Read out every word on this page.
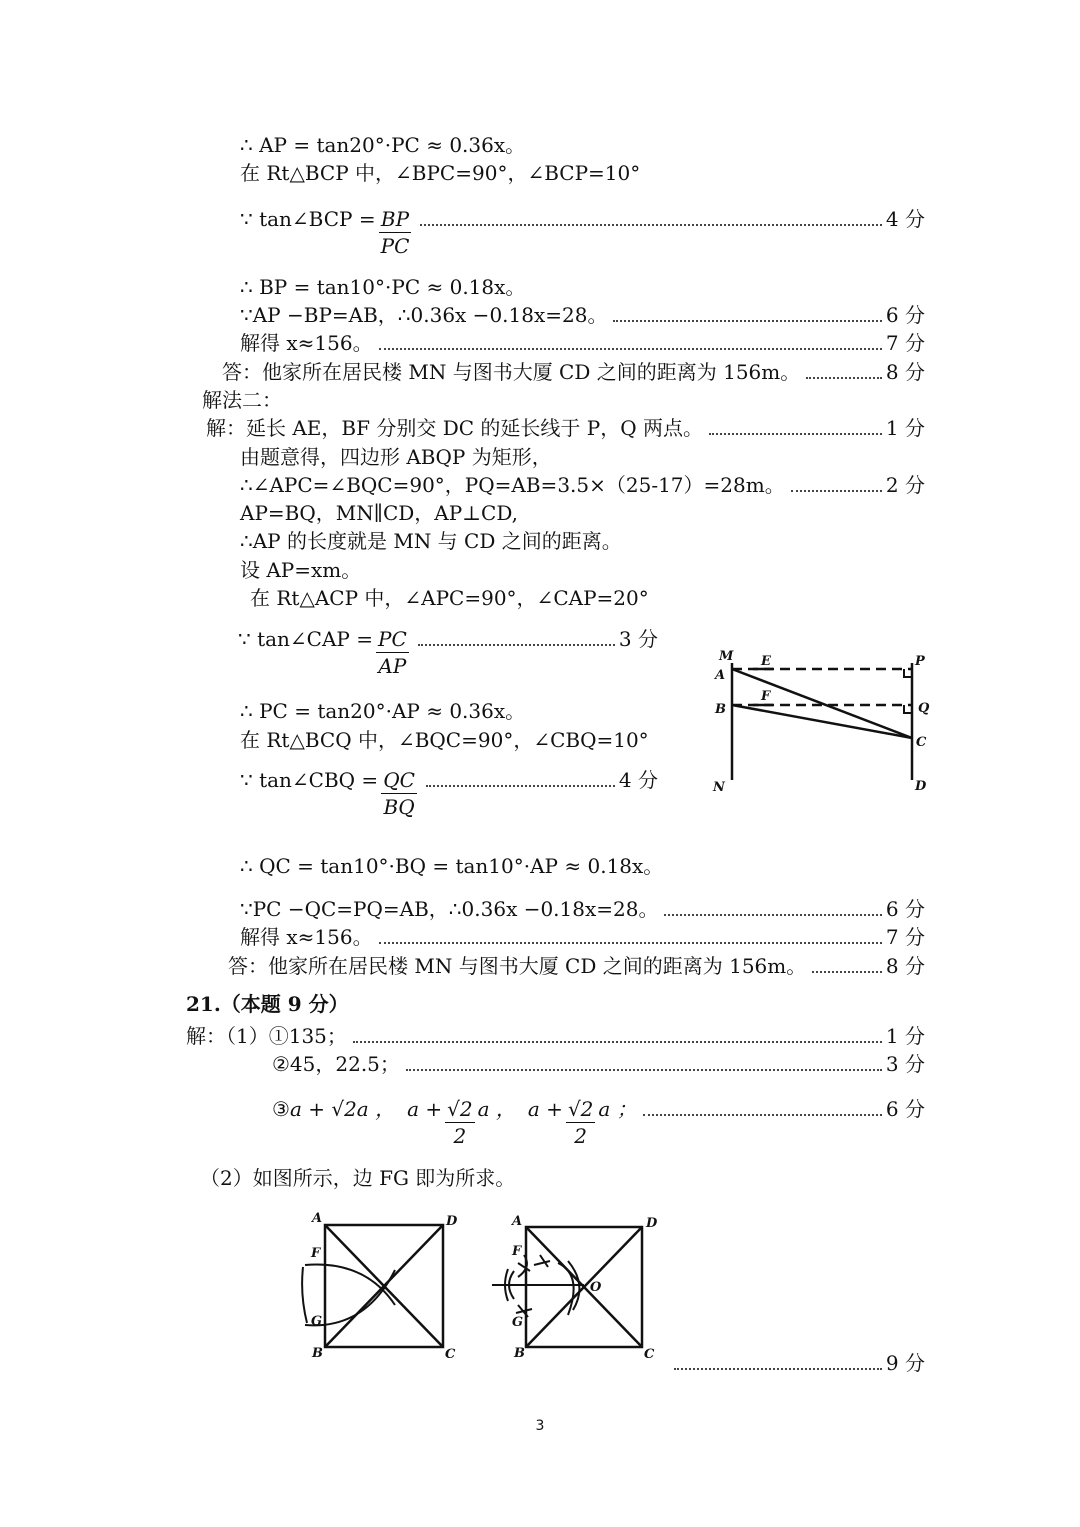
∴ AP = tan20°·PC ≈ 0.36x。
在 Rt△BCP 中，∠BPC=90°，∠BCP=10°
∵ tan∠BCP = $\frac{BP}{PC}$	4 分
∴ BP = tan10°·PC ≈ 0.18x。
∵AP −BP=AB，∴0.36x −0.18x=28。	6 分
解得 x≈156。	7 分
答：他家所在居民楼 MN 与图书大厦 CD 之间的距离为 156m。	8 分
解法二：
解：延长 AE，BF 分别交 DC 的延长线于 P，Q 两点。	1 分
由题意得，四边形 ABQP 为矩形，
∴∠APC=∠BQC=90°，PQ=AB=3.5×（25-17）=28m。	2 分
AP=BQ，MN∥CD，AP⊥CD,
∴AP 的长度就是 MN 与 CD 之间的距离。
设 AP=xm。
在 Rt△ACP 中，∠APC=90°，∠CAP=20°
∵ tan∠CAP = $\frac{PC}{AP}$	3 分
∴ PC = tan20°·AP ≈ 0.36x。
在 Rt△BCQ 中，∠BQC=90°，∠CBQ=10°
∵ tan∠CBQ = $\frac{QC}{BQ}$	4 分
∴ QC = tan10°·BQ = tan10°·AP ≈ 0.18x。
∵PC −QC=PQ=AB，∴0.36x −0.18x=28。	6 分
解得 x≈156。	7 分
答：他家所在居民楼 MN 与图书大厦 CD 之间的距离为 156m。	8 分
M
A
B
N
E
F
P
Q
C
D
21.（本题 9 分）
解：（1）①135；	1 分
②45，22.5；	3 分
③ a + √2a ， $a + \frac{√2}{2}$ a ， $a + \frac{√2}{2}$ a ；	6 分
（2）如图所示，边 FG 即为所求。
A	D
F
G
B	C
A	D
F
G
B	C
O
9 分
3
